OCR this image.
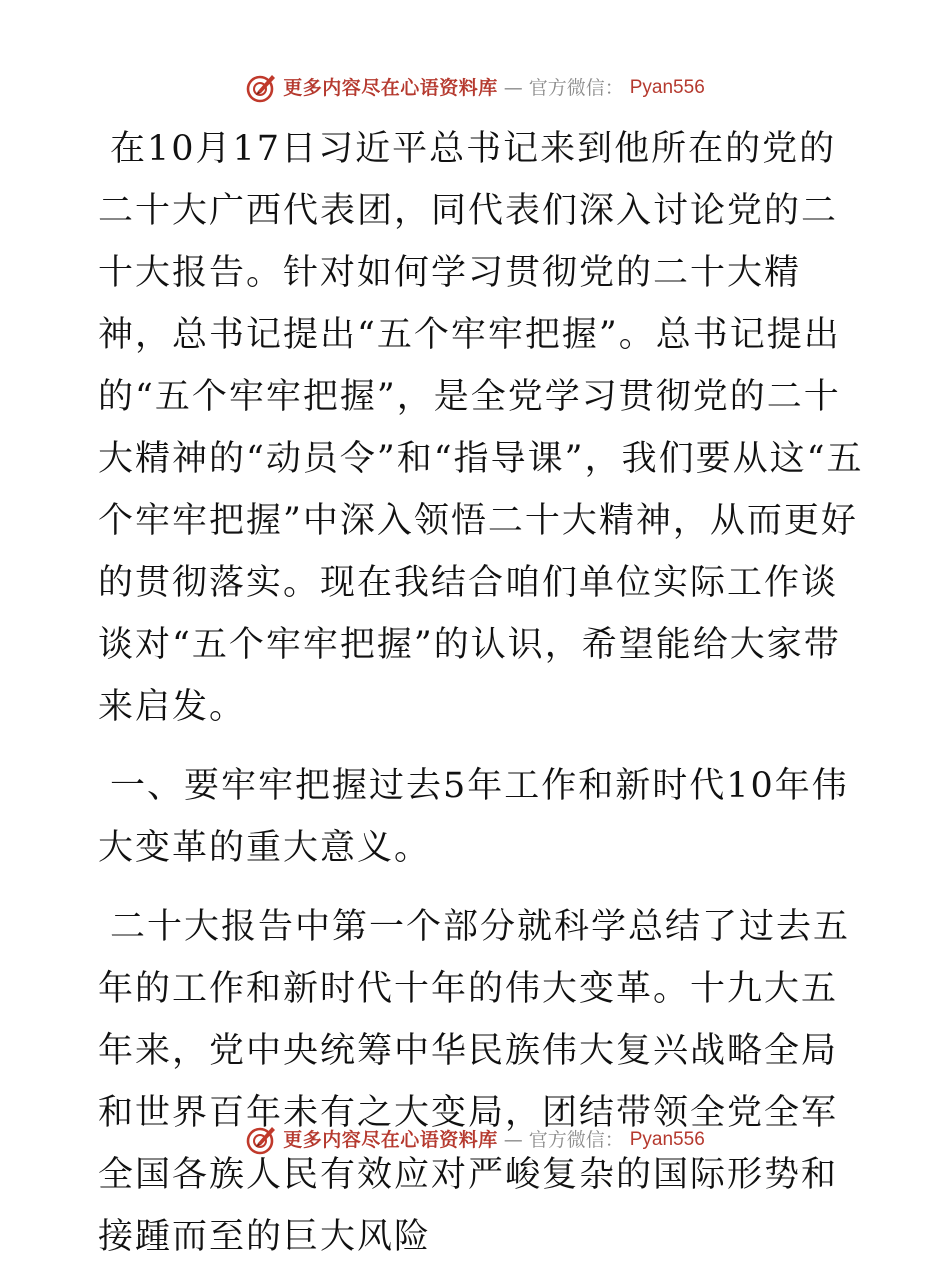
更多内容尽在心语资料库 — 官方微信： Pyan556

在10月17日习近平总书记来到他所在的党的二十大广西代表团，同代表们深入讨论党的二十大报告。针对如何学习贯彻党的二十大精神，总书记提出“五个牢牢把握”。总书记提出的“五个牢牢把握”，是全党学习贯彻党的二十大精神的“动员令”和“指导课”，我们要从这“五个牢牢把握”中深入领悟二十大精神，从而更好的贯彻落实。现在我结合咱们单位实际工作谈谈对“五个牢牢把握”的认识，希望能给大家带来启发。

一、要牢牢把握过去5年工作和新时代10年伟大变革的重大意义。

二十大报告中第一个部分就科学总结了过去五年的工作和新时代十年的伟大变革。十九大五年来，党中央统筹中华民族伟大复兴战略全局和世界百年未有之大变局，团结带领全党全军全国各族人民有效应对严峻复杂的国际形势和接踵而至的巨大风险

更多内容尽在心语资料库 — 官方微信： Pyan556
